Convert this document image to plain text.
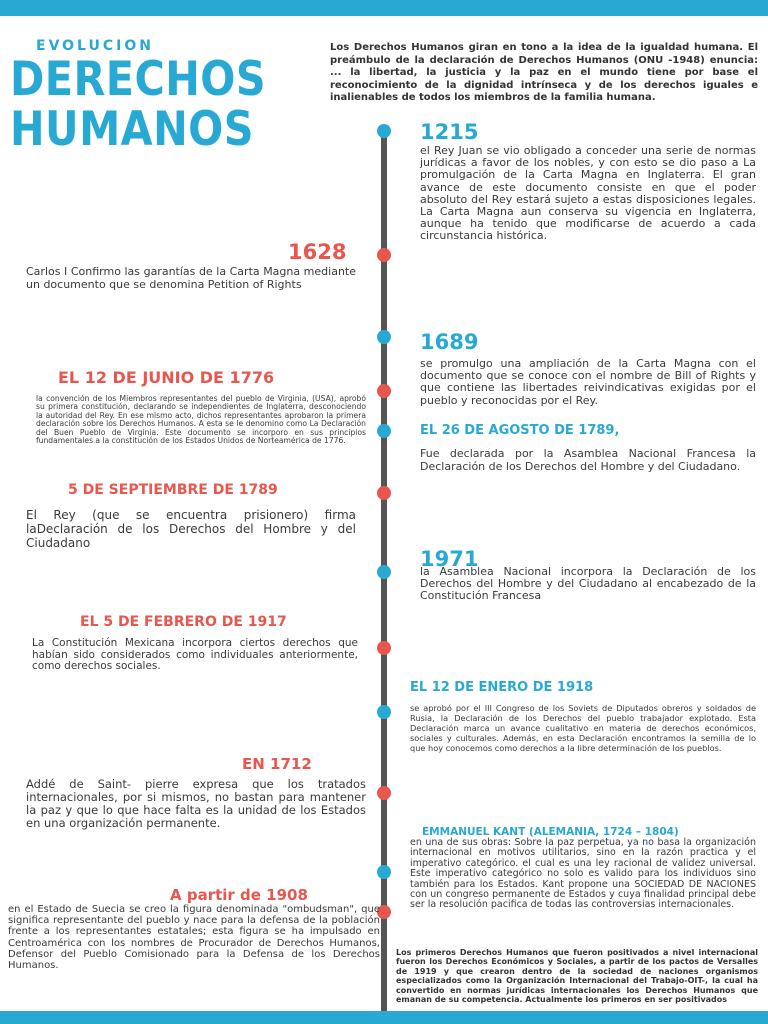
EVOLUCION
DERECHOS
HUMANOS
Los Derechos Humanos giran en tono a la idea de la igualdad humana. El preámbulo de la declaración de Derechos Humanos (ONU -1948) enuncia: ... la libertad, la justicia y la paz en el mundo tiene por base el reconocimiento de la dignidad intrínseca y de los derechos iguales e inalienables de todos los miembros de la familia humana.
1215
el Rey Juan se vio obligado a conceder una serie de normas jurídicas a favor de los nobles, y con esto se dio paso a La promulgación de la Carta Magna en Inglaterra. El gran avance de este documento consiste en que el poder absoluto del Rey estará sujeto a estas disposiciones legales. La Carta Magna aun conserva su vigencia en Inglaterra, aunque ha tenido que modificarse de acuerdo a cada circunstancia histórica.
1628
Carlos I Confirmo las garantías de la Carta Magna mediante un documento que se denomina Petition of Rights
1689
se promulgo una ampliación de la Carta Magna con el documento que se conoce con el nombre de Bill of Rights y que contiene las libertades reivindicativas exigidas por el pueblo y reconocidas por el Rey.
EL 12 DE JUNIO DE 1776
la convención de los Miembros representantes del pueblo de Virginia, (USA), aprobó su primera constitución, declarando se independientes de Inglaterra, desconociendo la autoridad del Rey. En ese mismo acto, dichos representantes aprobaron la primera declaración sobre los Derechos Humanos. A esta se le denomino como La Declaración del Buen Pueblo de Virginia. Este documento se incorporo en sus principios fundamentales a la constitución de los Estados Unidos de Norteamérica de 1776.
EL 26 DE AGOSTO DE 1789,
Fue declarada por la Asamblea Nacional Francesa la Declaración de los Derechos del Hombre y del Ciudadano.
5 DE SEPTIEMBRE DE 1789
El Rey (que se encuentra prisionero) firma laDeclaración de los Derechos del Hombre y del Ciudadano
1971
la Asamblea Nacional incorpora la Declaración de los Derechos del Hombre y del Ciudadano al encabezado de la Constitución Francesa
EL 5 DE FEBRERO DE 1917
La Constitución Mexicana incorpora ciertos derechos que habían sido considerados como individuales anteriormente, como derechos sociales.
EL 12 DE ENERO DE 1918
se aprobó por el III Congreso de los Soviets de Diputados obreros y soldados de Rusia, la Declaración de los Derechos del pueblo trabajador explotado. Esta Declaración marca un avance cualitativo en materia de derechos económicos, sociales y culturales. Además, en esta Declaración encontramos la semilla de lo que hoy conocemos como derechos a la libre determinación de los pueblos.
EN 1712
Addé de Saint- pierre expresa que los tratados internacionales, por si mismos, no bastan para mantener la paz y que lo que hace falta es la unidad de los Estados en una organización permanente.
EMMANUEL KANT (ALEMANIA, 1724 – 1804)
en una de sus obras: Sobre la paz perpetua, ya no basa la organización internacional en motivos utilitarios, sino en la razón practica y el imperativo categórico. el cual es una ley racional de validez universal. Este imperativo categórico no solo es valido para los individuos sino también para los Estados. Kant propone una SOCIEDAD DE NACIONES con un congreso permanente de Estados y cuya finalidad principal debe ser la resolución pacifica de todas las controversias internacionales.
A partir de 1908
en el Estado de Suecia se creo la figura denominada "ombudsman", que significa representante del pueblo y nace para la defensa de la población frente a los representantes estatales; esta figura se ha impulsado en Centroamérica con los nombres de Procurador de Derechos Humanos, Defensor del Pueblo Comisionado para la Defensa de los Derechos Humanos.
Los primeros Derechos Humanos que fueron positivados a nivel internacional fueron los Derechos Económicos y Sociales, a partir de los pactos de Versalles de 1919 y que crearon dentro de la sociedad de naciones organismos especializados como la Organización Internacional del Trabajo-OIT-, la cual ha convertido en normas jurídicas internacionales los Derechos Humanos que emanan de su competencia. Actualmente los primeros en ser positivados
